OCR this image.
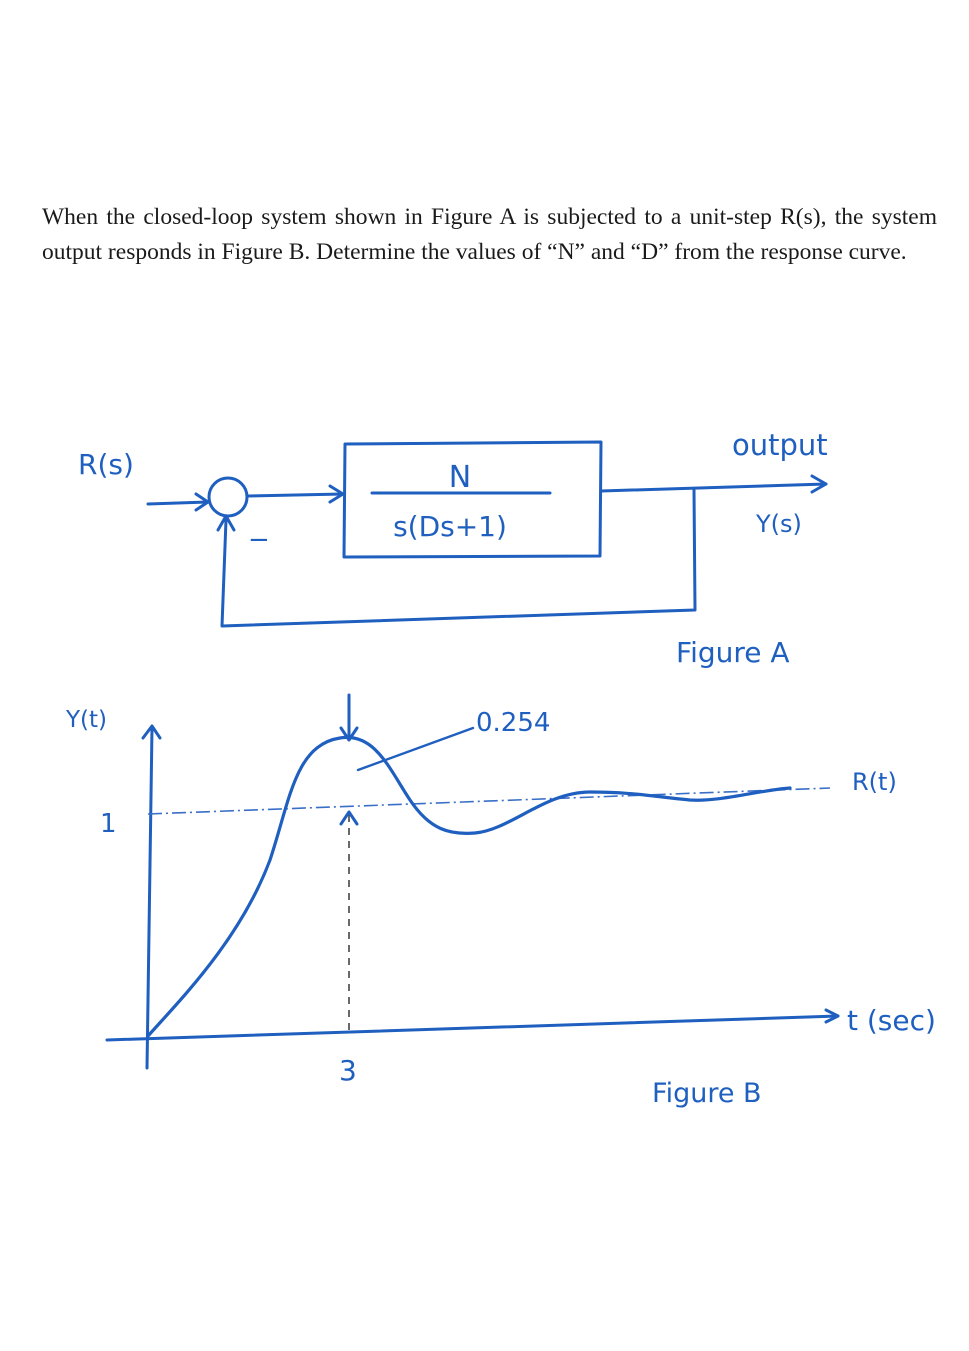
When the closed-loop system shown in Figure A is subjected to a unit-step R(s), the system output responds in Figure B. Determine the values of “N” and “D” from the response curve.

R(s)
−
N
s(Ds+1)
output
Y(s)
Figure A
Y(t)
t (sec)
1
R(t)
0.254
3
Figure B
